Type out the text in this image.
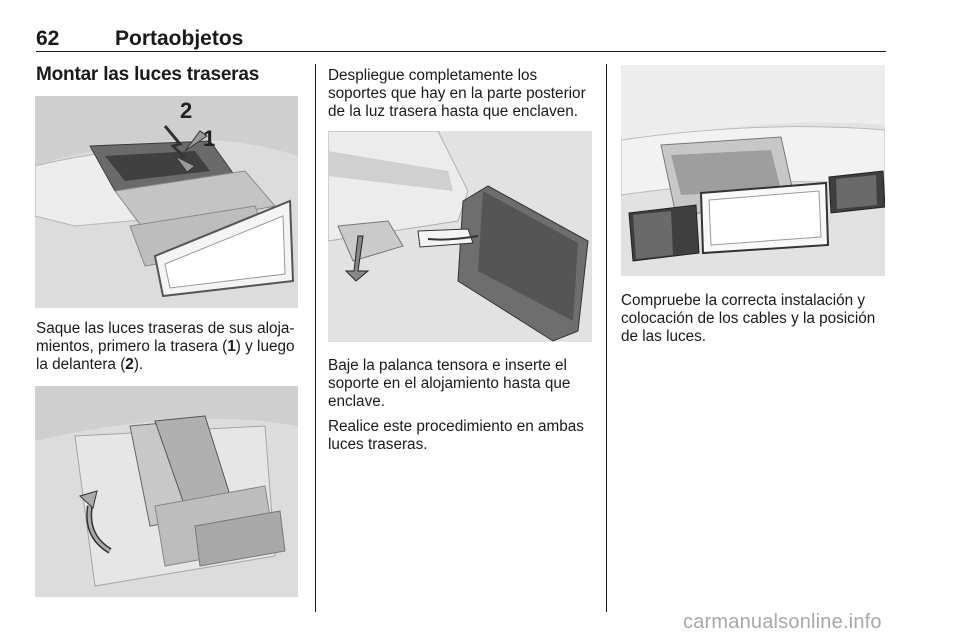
62	Portaobjetos
Montar las luces traseras
2
1
Saque las luces traseras de sus aloja-
mientos, primero la trasera (1) y luego
la delantera (2).
Despliegue completamente los
soportes que hay en la parte posterior
de la luz trasera hasta que enclaven.
Baje la palanca tensora e inserte el
soporte en el alojamiento hasta que
enclave.
Realice este procedimiento en ambas
luces traseras.
Compruebe la correcta instalación y
colocación de los cables y la posición
de las luces.
carmanualsonline.info
